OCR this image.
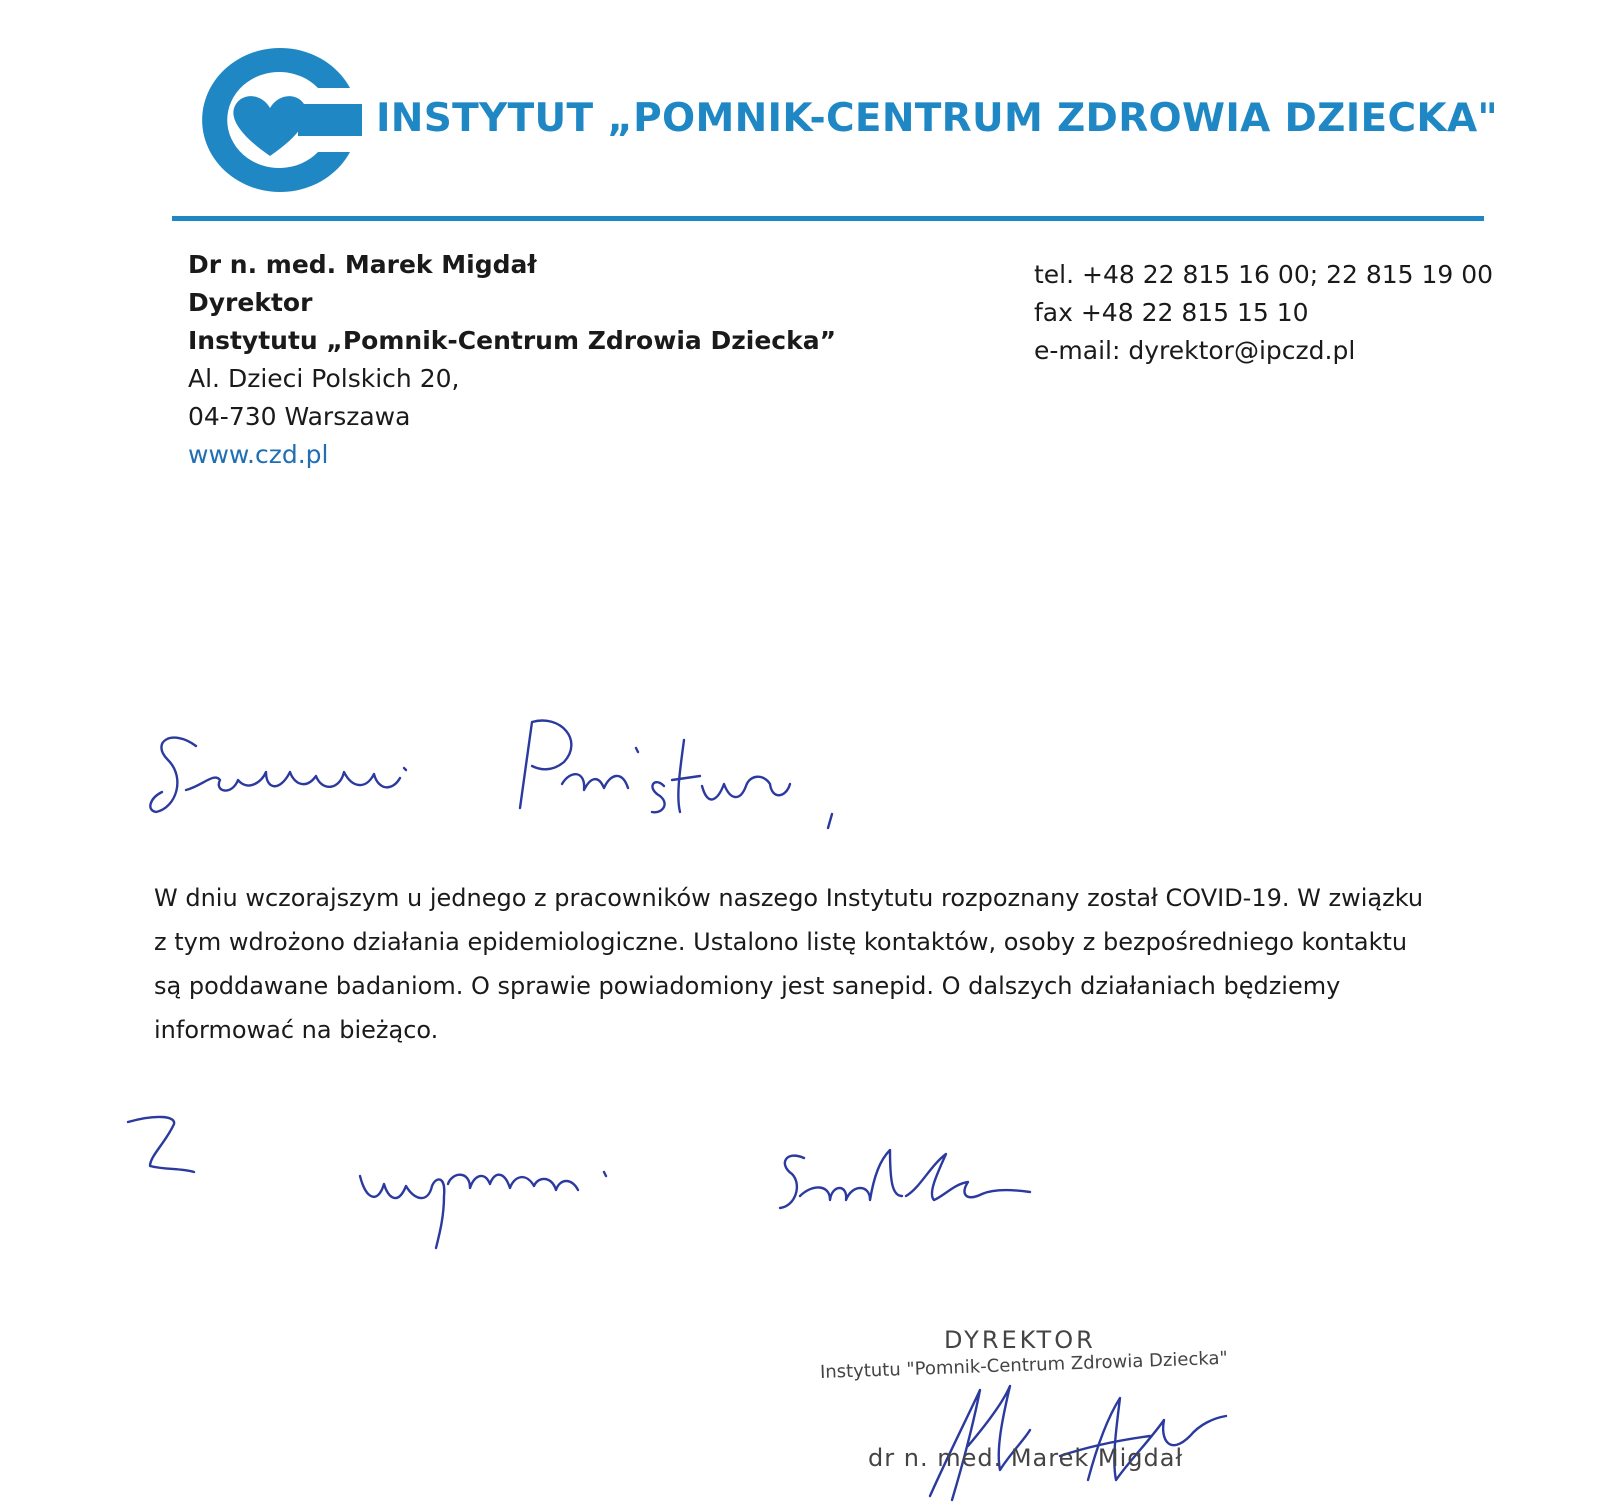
INSTYTUT „POMNIK-CENTRUM ZDROWIA DZIECKA"
Dr n. med. Marek Migdał
Dyrektor
Instytutu „Pomnik-Centrum Zdrowia Dziecka”
Al. Dzieci Polskich 20,
04-730 Warszawa
www.czd.pl
tel. +48 22 815 16 00; 22 815 19 00
fax +48 22 815 15 10
e-mail: dyrektor@ipczd.pl

W dniu wczorajszym u jednego z pracowników naszego Instytutu rozpoznany został COVID-19. W związku z tym wdrożono działania epidemiologiczne. Ustalono listę kontaktów, osoby z bezpośredniego kontaktu są poddawane badaniom. O sprawie powiadomiony jest sanepid. O dalszych działaniach będziemy informować na bieżąco.

DYREKTOR
Instytutu "Pomnik-Centrum Zdrowia Dziecka"
dr n. med. Marek Migdał
